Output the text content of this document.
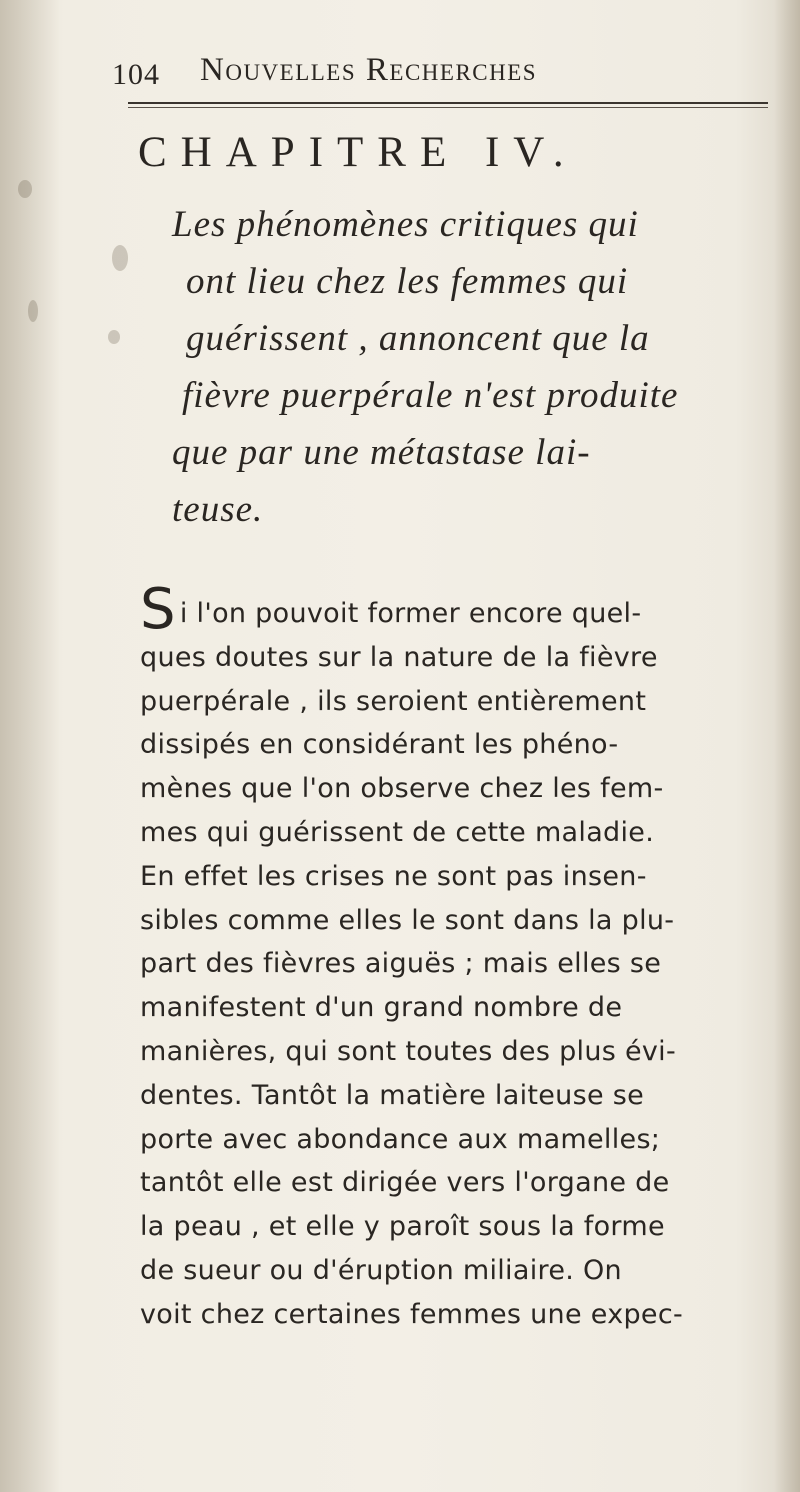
104 Nouvelles Recherches
CHAPITRE IV.
Les phénomènes critiques qui
ont lieu chez les femmes qui
guérissent , annoncent que la
fièvre puerpérale n'est produite
que par une métastase lai-
teuse.
Si l'on pouvoit former encore quel-
ques doutes sur la nature de la fièvre
puerpérale , ils seroient entièrement
dissipés en considérant les phéno-
mènes que l'on observe chez les fem-
mes qui guérissent de cette maladie.
En effet les crises ne sont pas insen-
sibles comme elles le sont dans la plu-
part des fièvres aiguës ; mais elles se
manifestent d'un grand nombre de
manières, qui sont toutes des plus évi-
dentes. Tantôt la matière laiteuse se
porte avec abondance aux mamelles;
tantôt elle est dirigée vers l'organe de
la peau , et elle y paroît sous la forme
de sueur ou d'éruption miliaire. On
voit chez certaines femmes une expec-
